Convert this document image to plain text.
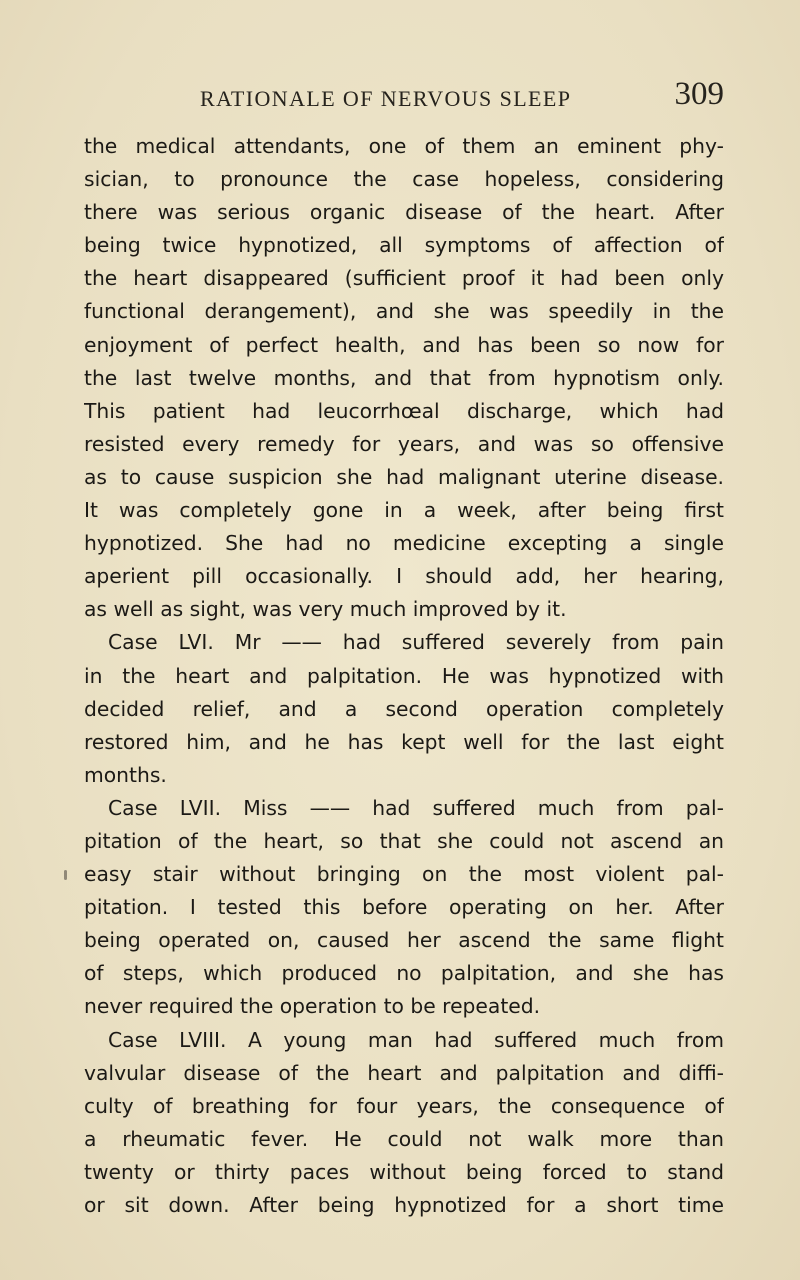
RATIONALE OF NERVOUS SLEEP	309
the medical attendants, one of them an eminent phy-
sician, to pronounce the case hopeless, considering
there was serious organic disease of the heart. After
being twice hypnotized, all symptoms of affection of
the heart disappeared (sufficient proof it had been only
functional derangement), and she was speedily in the
enjoyment of perfect health, and has been so now for
the last twelve months, and that from hypnotism only.
This patient had leucorrhœal discharge, which had
resisted every remedy for years, and was so offensive
as to cause suspicion she had malignant uterine disease.
It was completely gone in a week, after being first
hypnotized. She had no medicine excepting a single
aperient pill occasionally. I should add, her hearing,
as well as sight, was very much improved by it.
Case LVI. Mr —— had suffered severely from pain
in the heart and palpitation. He was hypnotized with
decided relief, and a second operation completely
restored him, and he has kept well for the last eight
months.
Case LVII. Miss —— had suffered much from pal-
pitation of the heart, so that she could not ascend an
easy stair without bringing on the most violent pal-
pitation. I tested this before operating on her. After
being operated on, caused her ascend the same flight
of steps, which produced no palpitation, and she has
never required the operation to be repeated.
Case LVIII. A young man had suffered much from
valvular disease of the heart and palpitation and diffi-
culty of breathing for four years, the consequence of
a rheumatic fever. He could not walk more than
twenty or thirty paces without being forced to stand
or sit down. After being hypnotized for a short time
